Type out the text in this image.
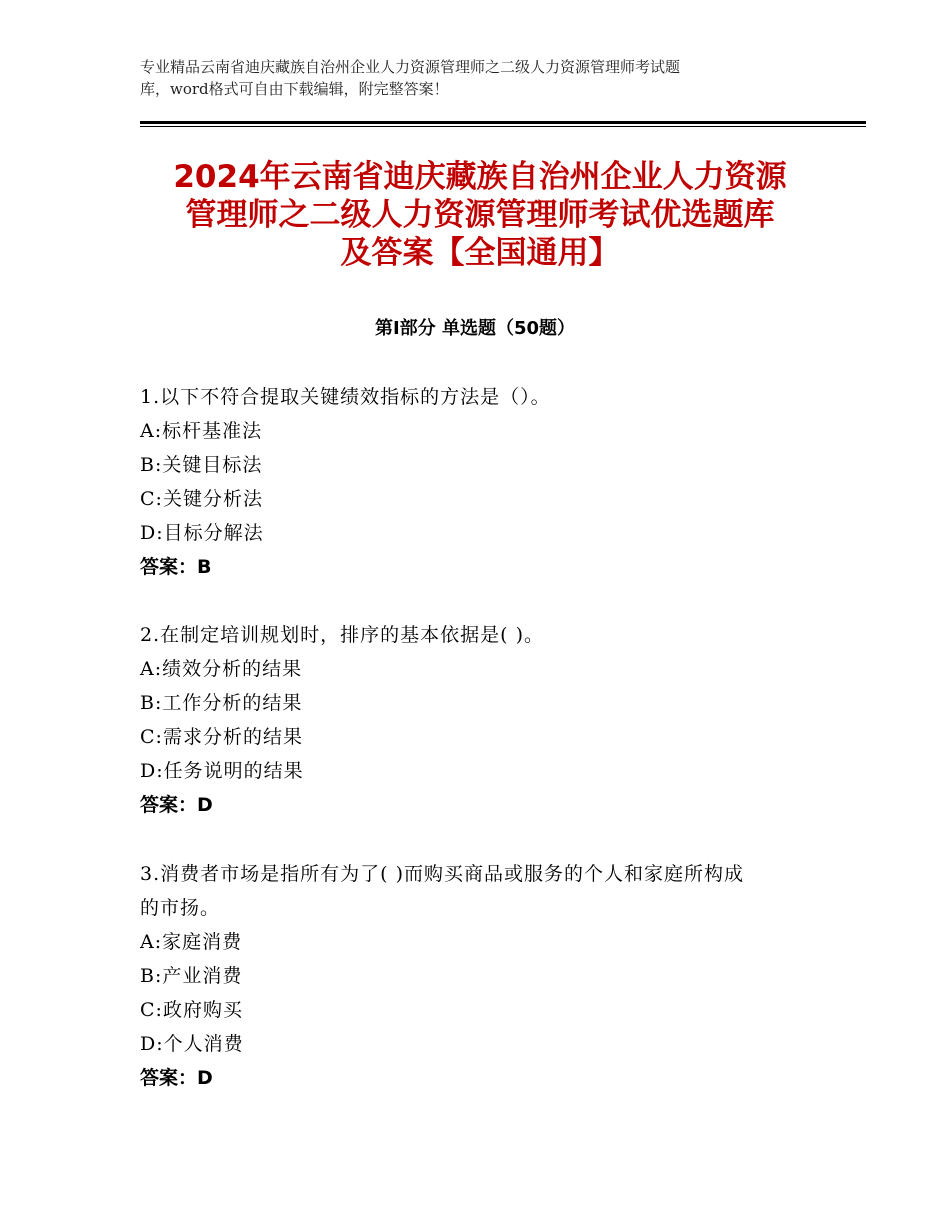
专业精品云南省迪庆藏族自治州企业人力资源管理师之二级人力资源管理师考试题
库，word格式可自由下载编辑，附完整答案！
2024年云南省迪庆藏族自治州企业人力资源
管理师之二级人力资源管理师考试优选题库
及答案【全国通用】
第Ⅰ部分 单选题（50题）
1.以下不符合提取关键绩效指标的方法是（）。
A:标杆基准法
B:关键目标法
C:关键分析法
D:目标分解法
答案：B
2.在制定培训规划时，排序的基本依据是( )。
A:绩效分析的结果
B:工作分析的结果
C:需求分析的结果
D:任务说明的结果
答案：D
3.消费者市场是指所有为了( )而购买商品或服务的个人和家庭所构成
的市扬。
A:家庭消费
B:产业消费
C:政府购买
D:个人消费
答案：D
